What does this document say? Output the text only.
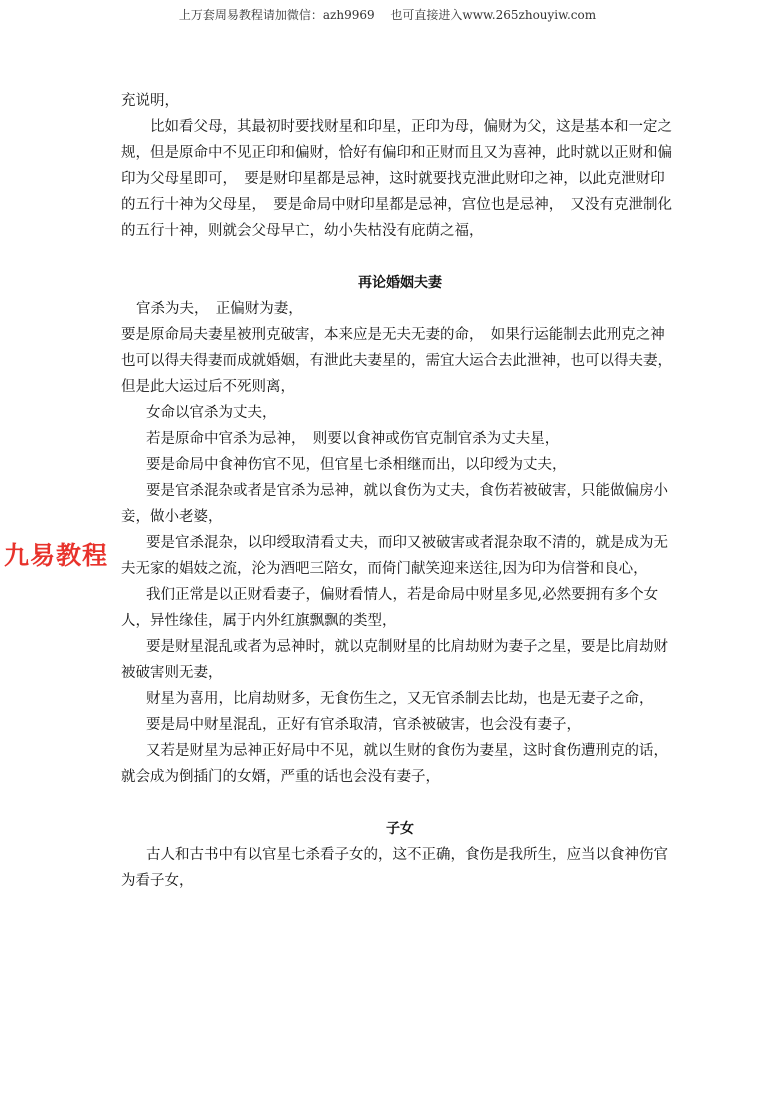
上万套周易教程请加微信：azh9969　 也可直接进入www.265zhouyiw.com
九易教程

充说明，

比如看父母，其最初时要找财星和印星，正印为母，偏财为父，这是基本和一定之规，但是原命中不见正印和偏财，恰好有偏印和正财而且又为喜神，此时就以正财和偏印为父母星即可，　要是财印星都是忌神，这时就要找克泄此财印之神，以此克泄财印的五行十神为父母星，　要是命局中财印星都是忌神，宫位也是忌神，　又没有克泄制化的五行十神，则就会父母早亡，幼小失枯没有庇荫之福，

再论婚姻夫妻

官杀为夫，　正偏财为妻，

要是原命局夫妻星被刑克破害，本来应是无夫无妻的命，　如果行运能制去此刑克之神也可以得夫得妻而成就婚姻，有泄此夫妻星的，需宜大运合去此泄神，也可以得夫妻，但是此大运过后不死则离，

女命以官杀为丈夫，

若是原命中官杀为忌神，　则要以食神或伤官克制官杀为丈夫星，

要是命局中食神伤官不见，但官星七杀相继而出，以印绶为丈夫，

要是官杀混杂或者是官杀为忌神，就以食伤为丈夫，食伤若被破害，只能做偏房小妾，做小老婆，

要是官杀混杂，以印绶取清看丈夫，而印又被破害或者混杂取不清的，就是成为无夫无家的娼妓之流，沦为酒吧三陪女，而倚门献笑迎来送往,因为印为信誉和良心，

我们正常是以正财看妻子，偏财看情人，若是命局中财星多见,必然要拥有多个女人，异性缘佳，属于内外红旗飘飘的类型，

要是财星混乱或者为忌神时，就以克制财星的比肩劫财为妻子之星，要是比肩劫财被破害则无妻，

财星为喜用，比肩劫财多，无食伤生之，又无官杀制去比劫，也是无妻子之命，

要是局中财星混乱，正好有官杀取清，官杀被破害，也会没有妻子，

又若是财星为忌神正好局中不见，就以生财的食伤为妻星，这时食伤遭刑克的话，就会成为倒插门的女婿，严重的话也会没有妻子，

子女

古人和古书中有以官星七杀看子女的，这不正确，食伤是我所生，应当以食神伤官为看子女，
